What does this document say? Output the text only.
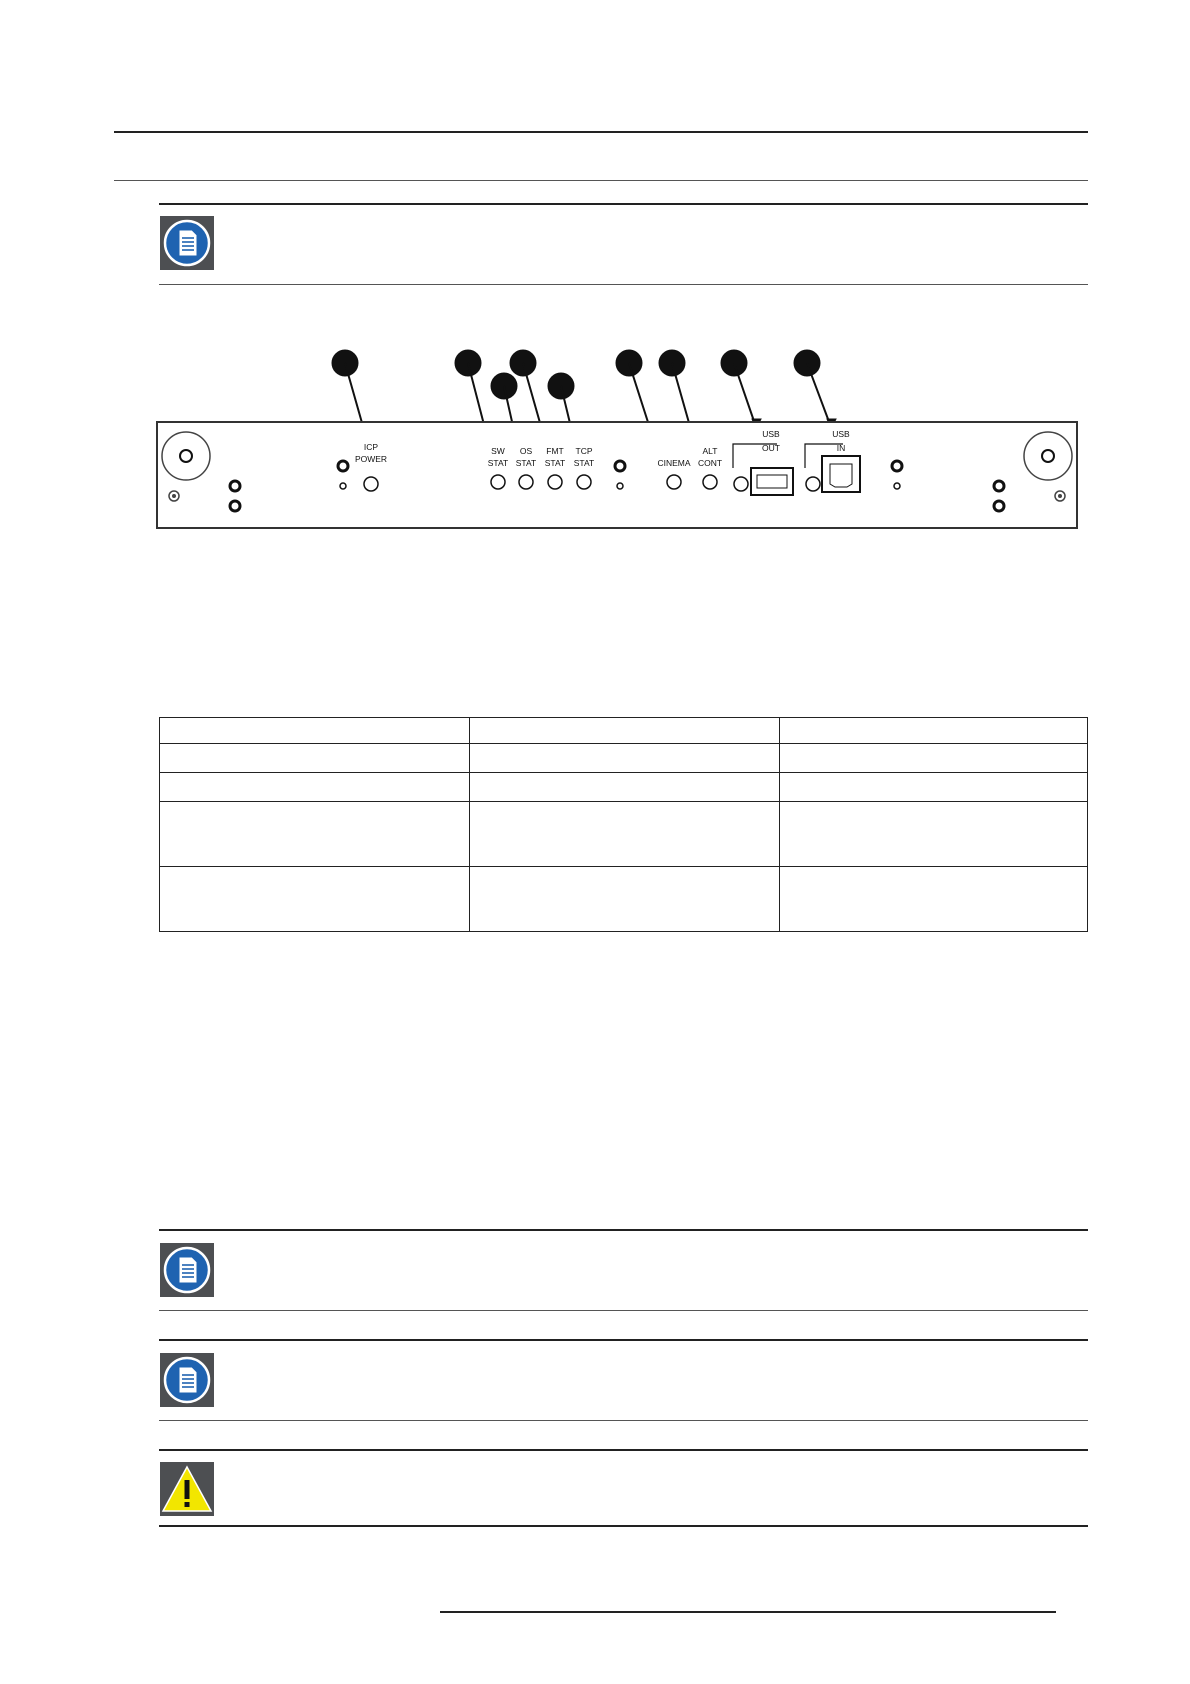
ICP
POWER
SW
STAT
OS
STAT
FMT
STAT
TCP
STAT	CINEMA
ALT
CONT
USB
OUT
USB
IN
